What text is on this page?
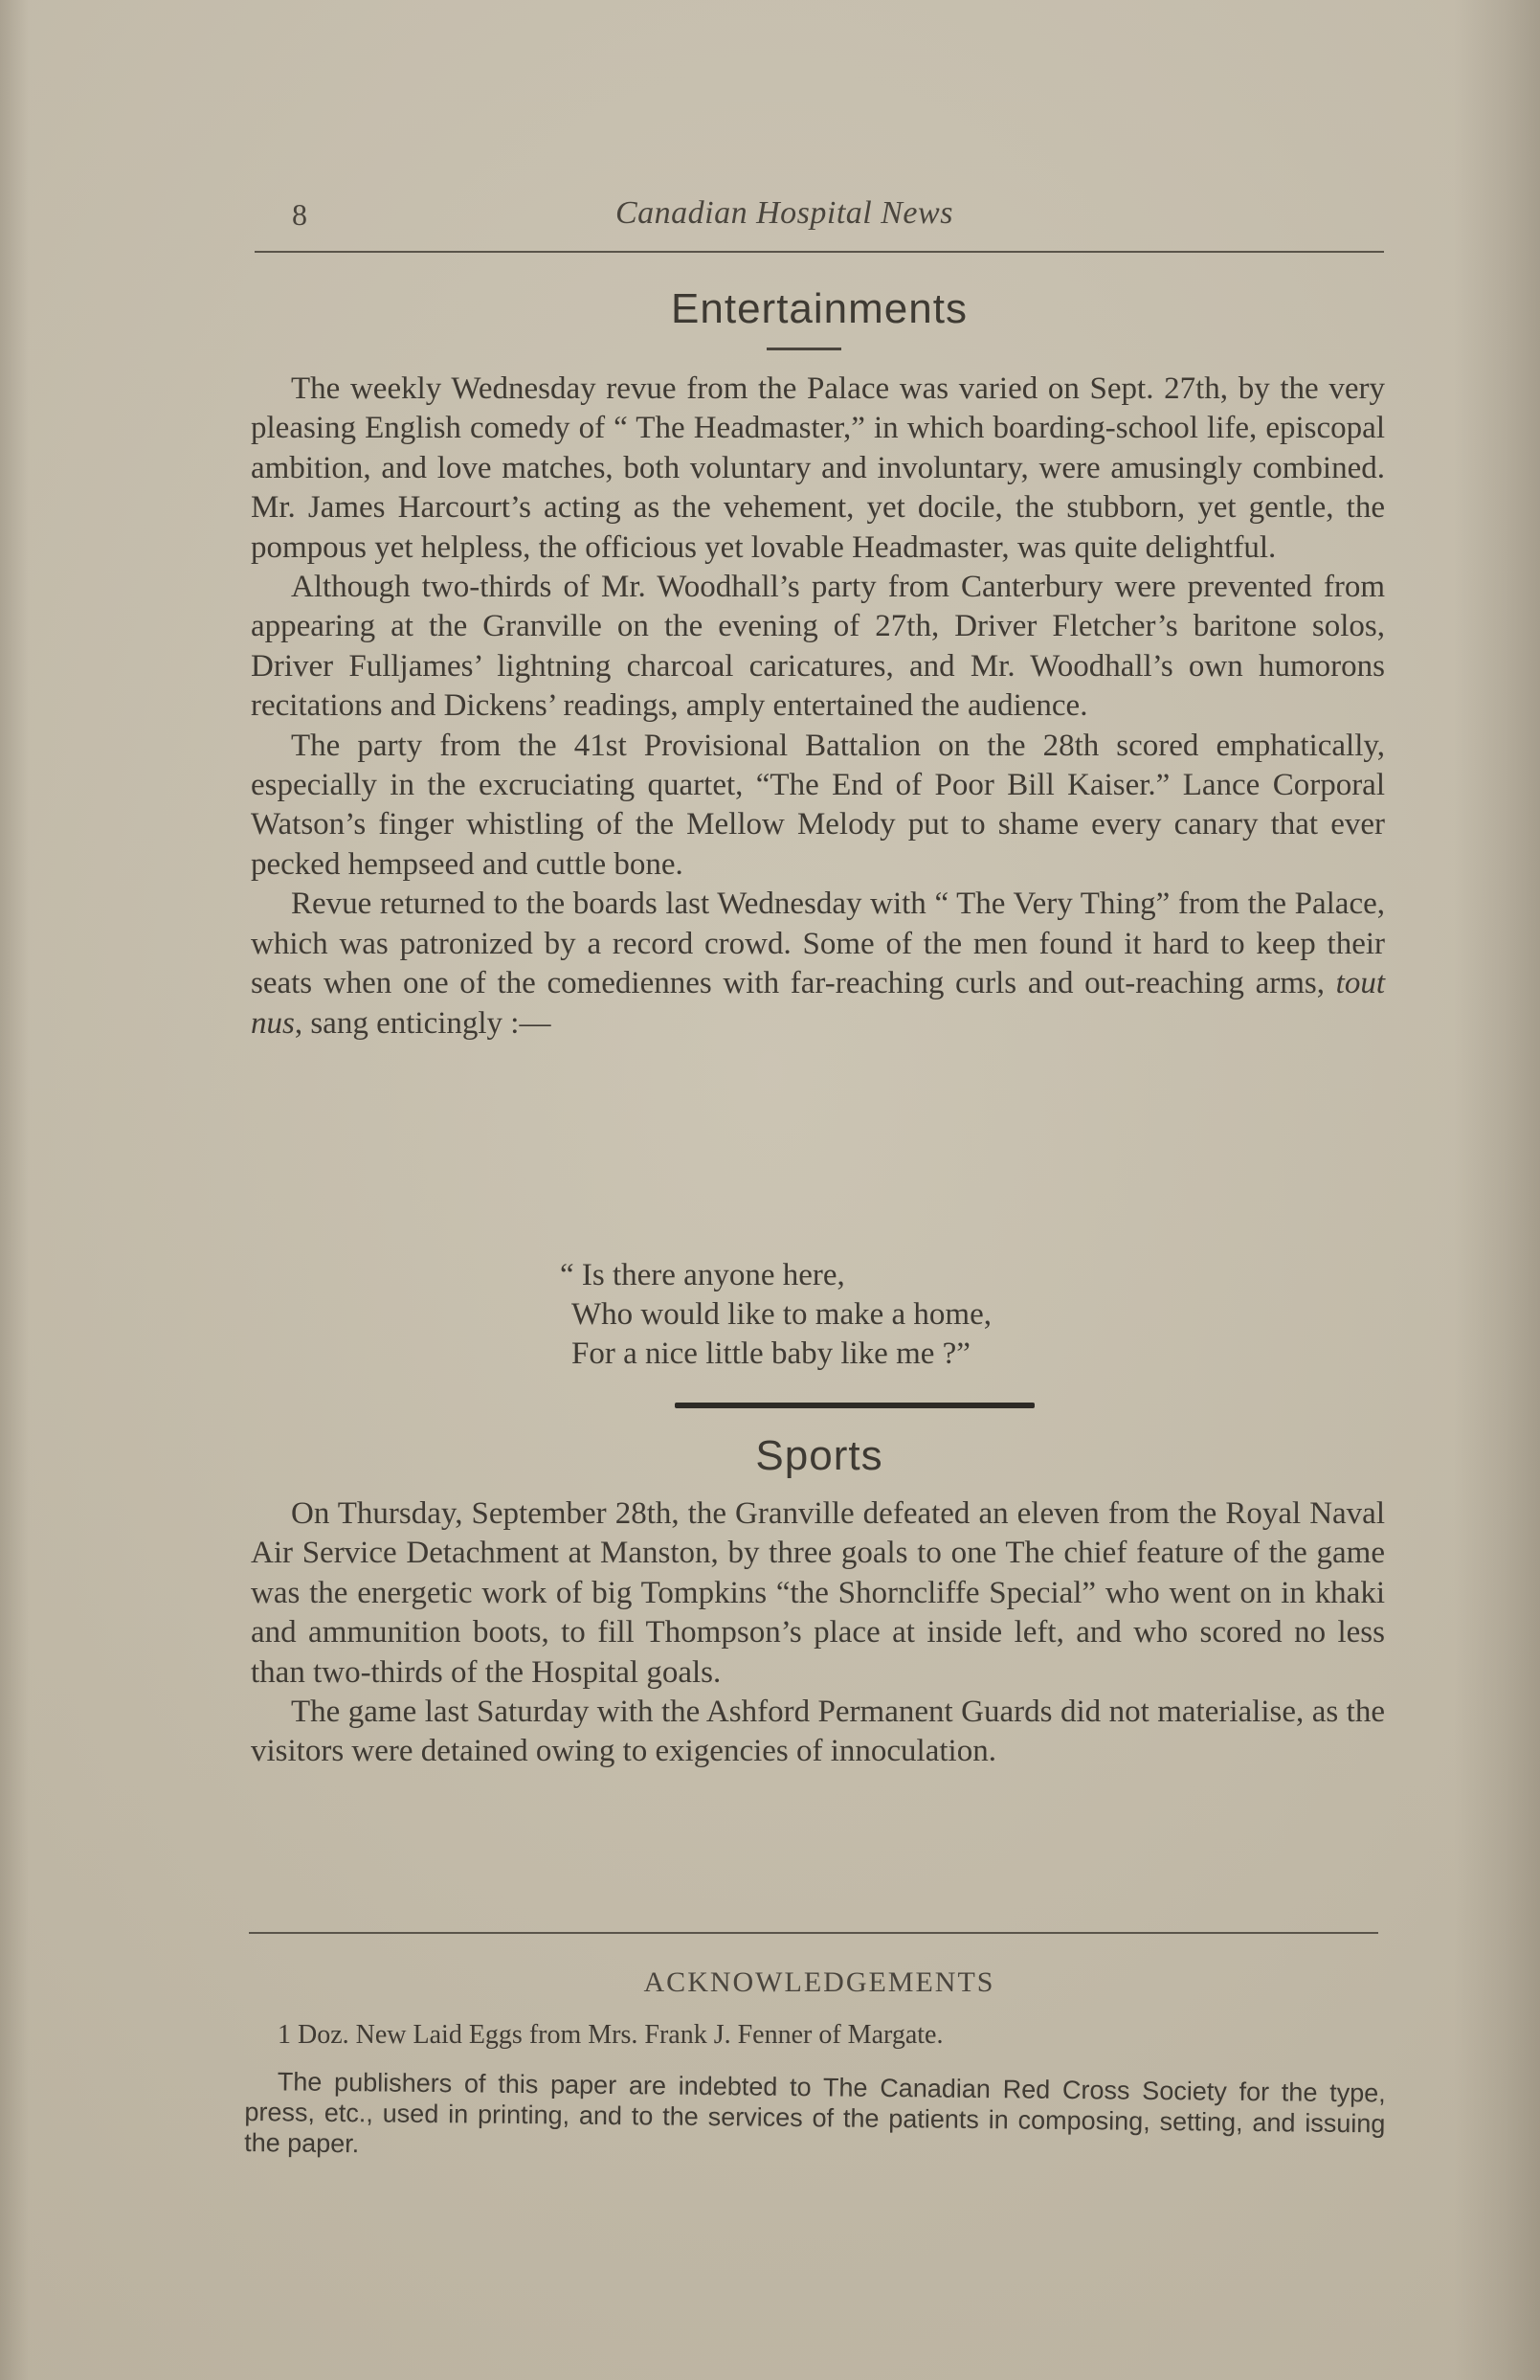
8	Canadian Hospital News
Entertainments

The weekly Wednesday revue from the Palace was varied on Sept. 27th, by the very pleasing English comedy of “ The Headmaster,” in which boarding-school life, episcopal ambition, and love matches, both voluntary and involuntary, were amusingly combined. Mr. James Harcourt’s acting as the vehement, yet docile, the stubborn, yet gentle, the pompous yet helpless, the officious yet lovable Headmaster, was quite delightful.

Although two-thirds of Mr. Woodhall’s party from Canterbury were prevented from appearing at the Granville on the evening of 27th, Driver Fletcher’s baritone solos, Driver Fulljames’ lightning charcoal caricatures, and Mr. Woodhall’s own humorons recitations and Dickens’ readings, amply entertained the audience.

The party from the 41st Provisional Battalion on the 28th scored emphatically, especially in the excruciating quartet, “The End of Poor Bill Kaiser.” Lance Corporal Watson’s finger whistling of the Mellow Melody put to shame every canary that ever pecked hempseed and cuttle bone.

Revue returned to the boards last Wednesday with “ The Very Thing” from the Palace, which was patronized by a record crowd. Some of the men found it hard to keep their seats when one of the comediennes with far-reaching curls and out-reaching arms, tout nus, sang enticingly :—

“ Is there anyone here,
Who would like to make a home,
For a nice little baby like me ?”
Sports

On Thursday, September 28th, the Granville defeated an eleven from the Royal Naval Air Service Detachment at Manston, by three goals to one The chief feature of the game was the energetic work of big Tompkins “the Shorncliffe Special” who went on in khaki and ammunition boots, to fill Thompson’s place at inside left, and who scored no less than two-thirds of the Hospital goals.

The game last Saturday with the Ashford Permanent Guards did not materialise, as the visitors were detained owing to exigencies of innoculation.

ACKNOWLEDGEMENTS
1 Doz. New Laid Eggs from Mrs. Frank J. Fenner of Margate.
The publishers of this paper are indebted to The Canadian Red Cross Society for the type, press, etc., used in printing, and to the services of the patients in composing, setting, and issuing the paper.
